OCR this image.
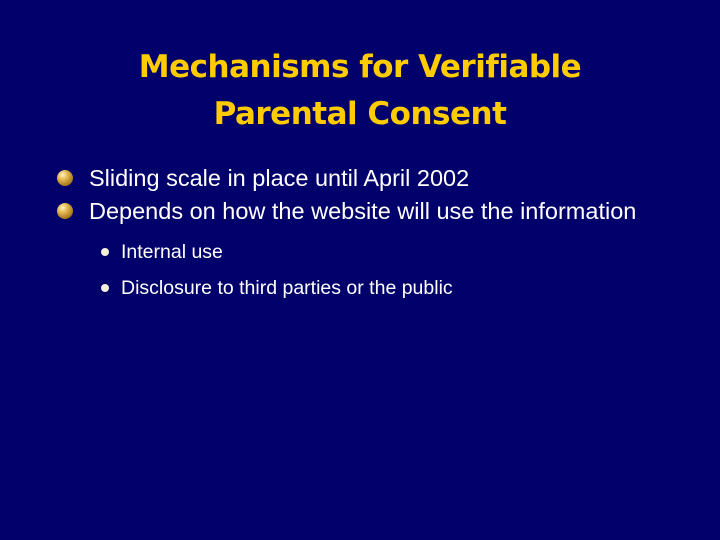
Mechanisms for Verifiable
Parental Consent
Sliding scale in place until April 2002
Depends on how the website will use the information
Internal use
Disclosure to third parties or the public
